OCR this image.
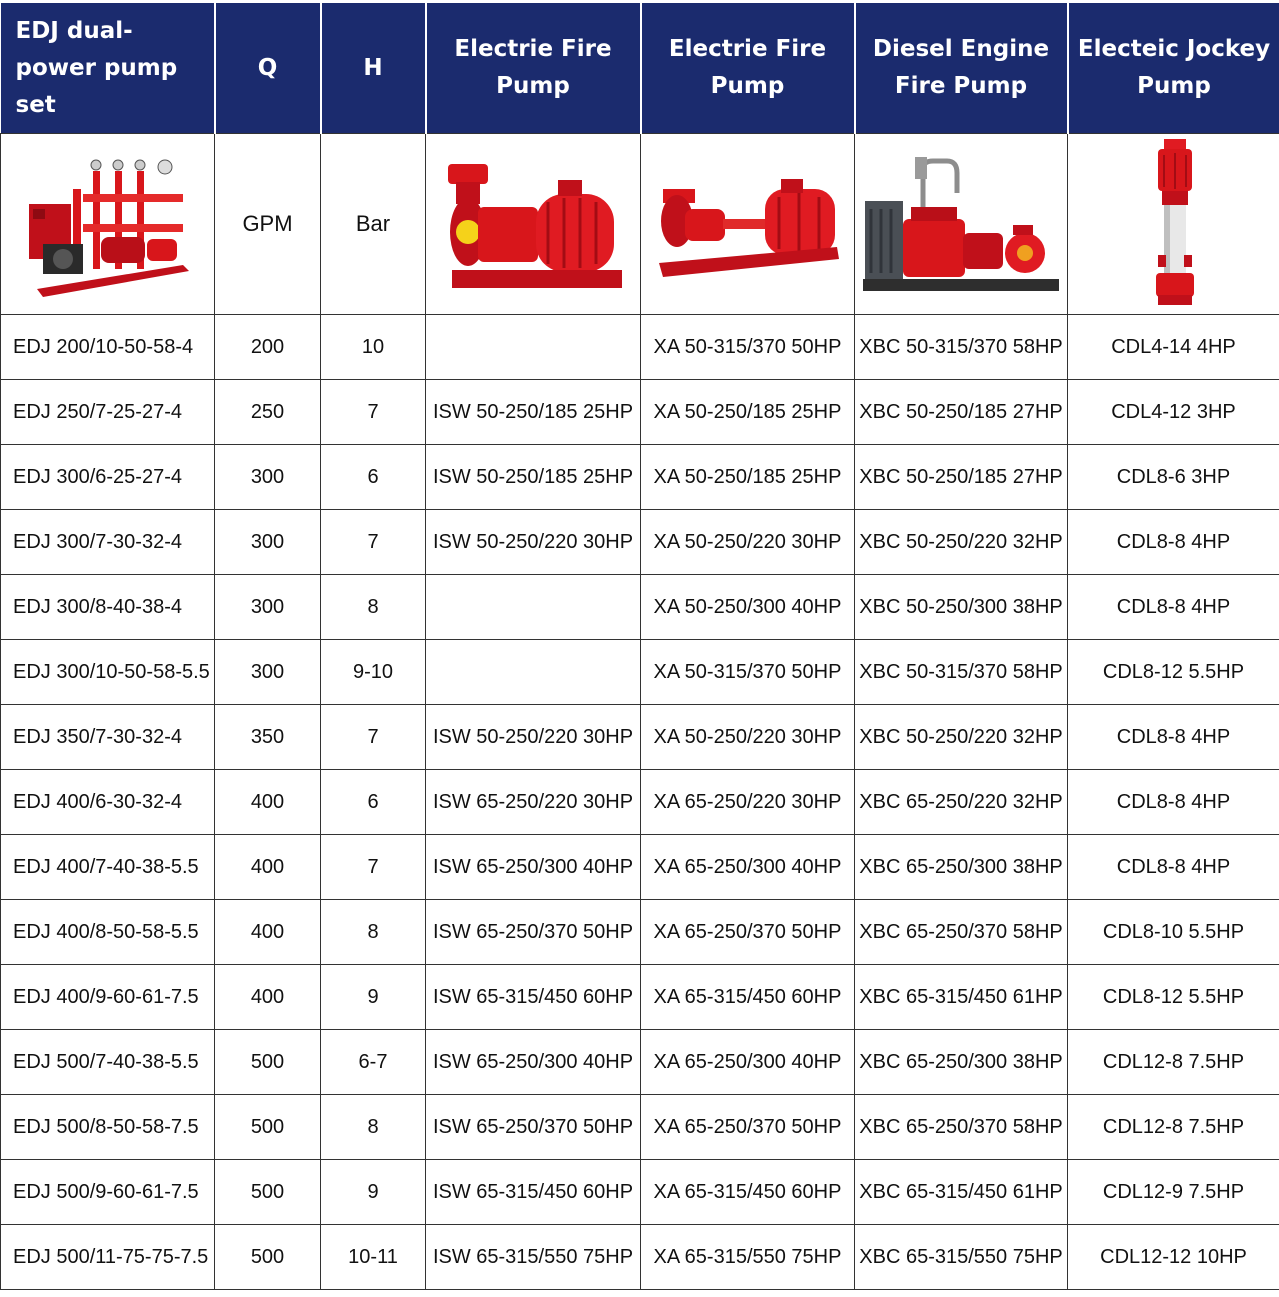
EDJ dual-power pump set	Q	H	Electrie Fire Pump	Electrie Fire Pump	Diesel Engine Fire Pump	Electeic Jockey Pump

	GPM	Bar	

EDJ 200/10-50-58-4	200	10		XA 50-315/370 50HP	XBC 50-315/370 58HP	CDL4-14 4HP
EDJ 250/7-25-27-4	250	7	ISW 50-250/185 25HP	XA 50-250/185 25HP	XBC 50-250/185 27HP	CDL4-12 3HP
EDJ 300/6-25-27-4	300	6	ISW 50-250/185 25HP	XA 50-250/185 25HP	XBC 50-250/185 27HP	CDL8-6 3HP
EDJ 300/7-30-32-4	300	7	ISW 50-250/220 30HP	XA 50-250/220 30HP	XBC 50-250/220 32HP	CDL8-8 4HP
EDJ 300/8-40-38-4	300	8		XA 50-250/300 40HP	XBC 50-250/300 38HP	CDL8-8 4HP
EDJ 300/10-50-58-5.5	300	9-10		XA 50-315/370 50HP	XBC 50-315/370 58HP	CDL8-12 5.5HP
EDJ 350/7-30-32-4	350	7	ISW 50-250/220 30HP	XA 50-250/220 30HP	XBC 50-250/220 32HP	CDL8-8 4HP
EDJ 400/6-30-32-4	400	6	ISW 65-250/220 30HP	XA 65-250/220 30HP	XBC 65-250/220 32HP	CDL8-8 4HP
EDJ 400/7-40-38-5.5	400	7	ISW 65-250/300 40HP	XA 65-250/300 40HP	XBC 65-250/300 38HP	CDL8-8 4HP
EDJ 400/8-50-58-5.5	400	8	ISW 65-250/370 50HP	XA 65-250/370 50HP	XBC 65-250/370 58HP	CDL8-10 5.5HP
EDJ 400/9-60-61-7.5	400	9	ISW 65-315/450 60HP	XA 65-315/450 60HP	XBC 65-315/450 61HP	CDL8-12 5.5HP
EDJ 500/7-40-38-5.5	500	6-7	ISW 65-250/300 40HP	XA 65-250/300 40HP	XBC 65-250/300 38HP	CDL12-8 7.5HP
EDJ 500/8-50-58-7.5	500	8	ISW 65-250/370 50HP	XA 65-250/370 50HP	XBC 65-250/370 58HP	CDL12-8 7.5HP
EDJ 500/9-60-61-7.5	500	9	ISW 65-315/450 60HP	XA 65-315/450 60HP	XBC 65-315/450 61HP	CDL12-9 7.5HP
EDJ 500/11-75-75-7.5	500	10-11	ISW 65-315/550 75HP	XA 65-315/550 75HP	XBC 65-315/550 75HP	CDL12-12 10HP
